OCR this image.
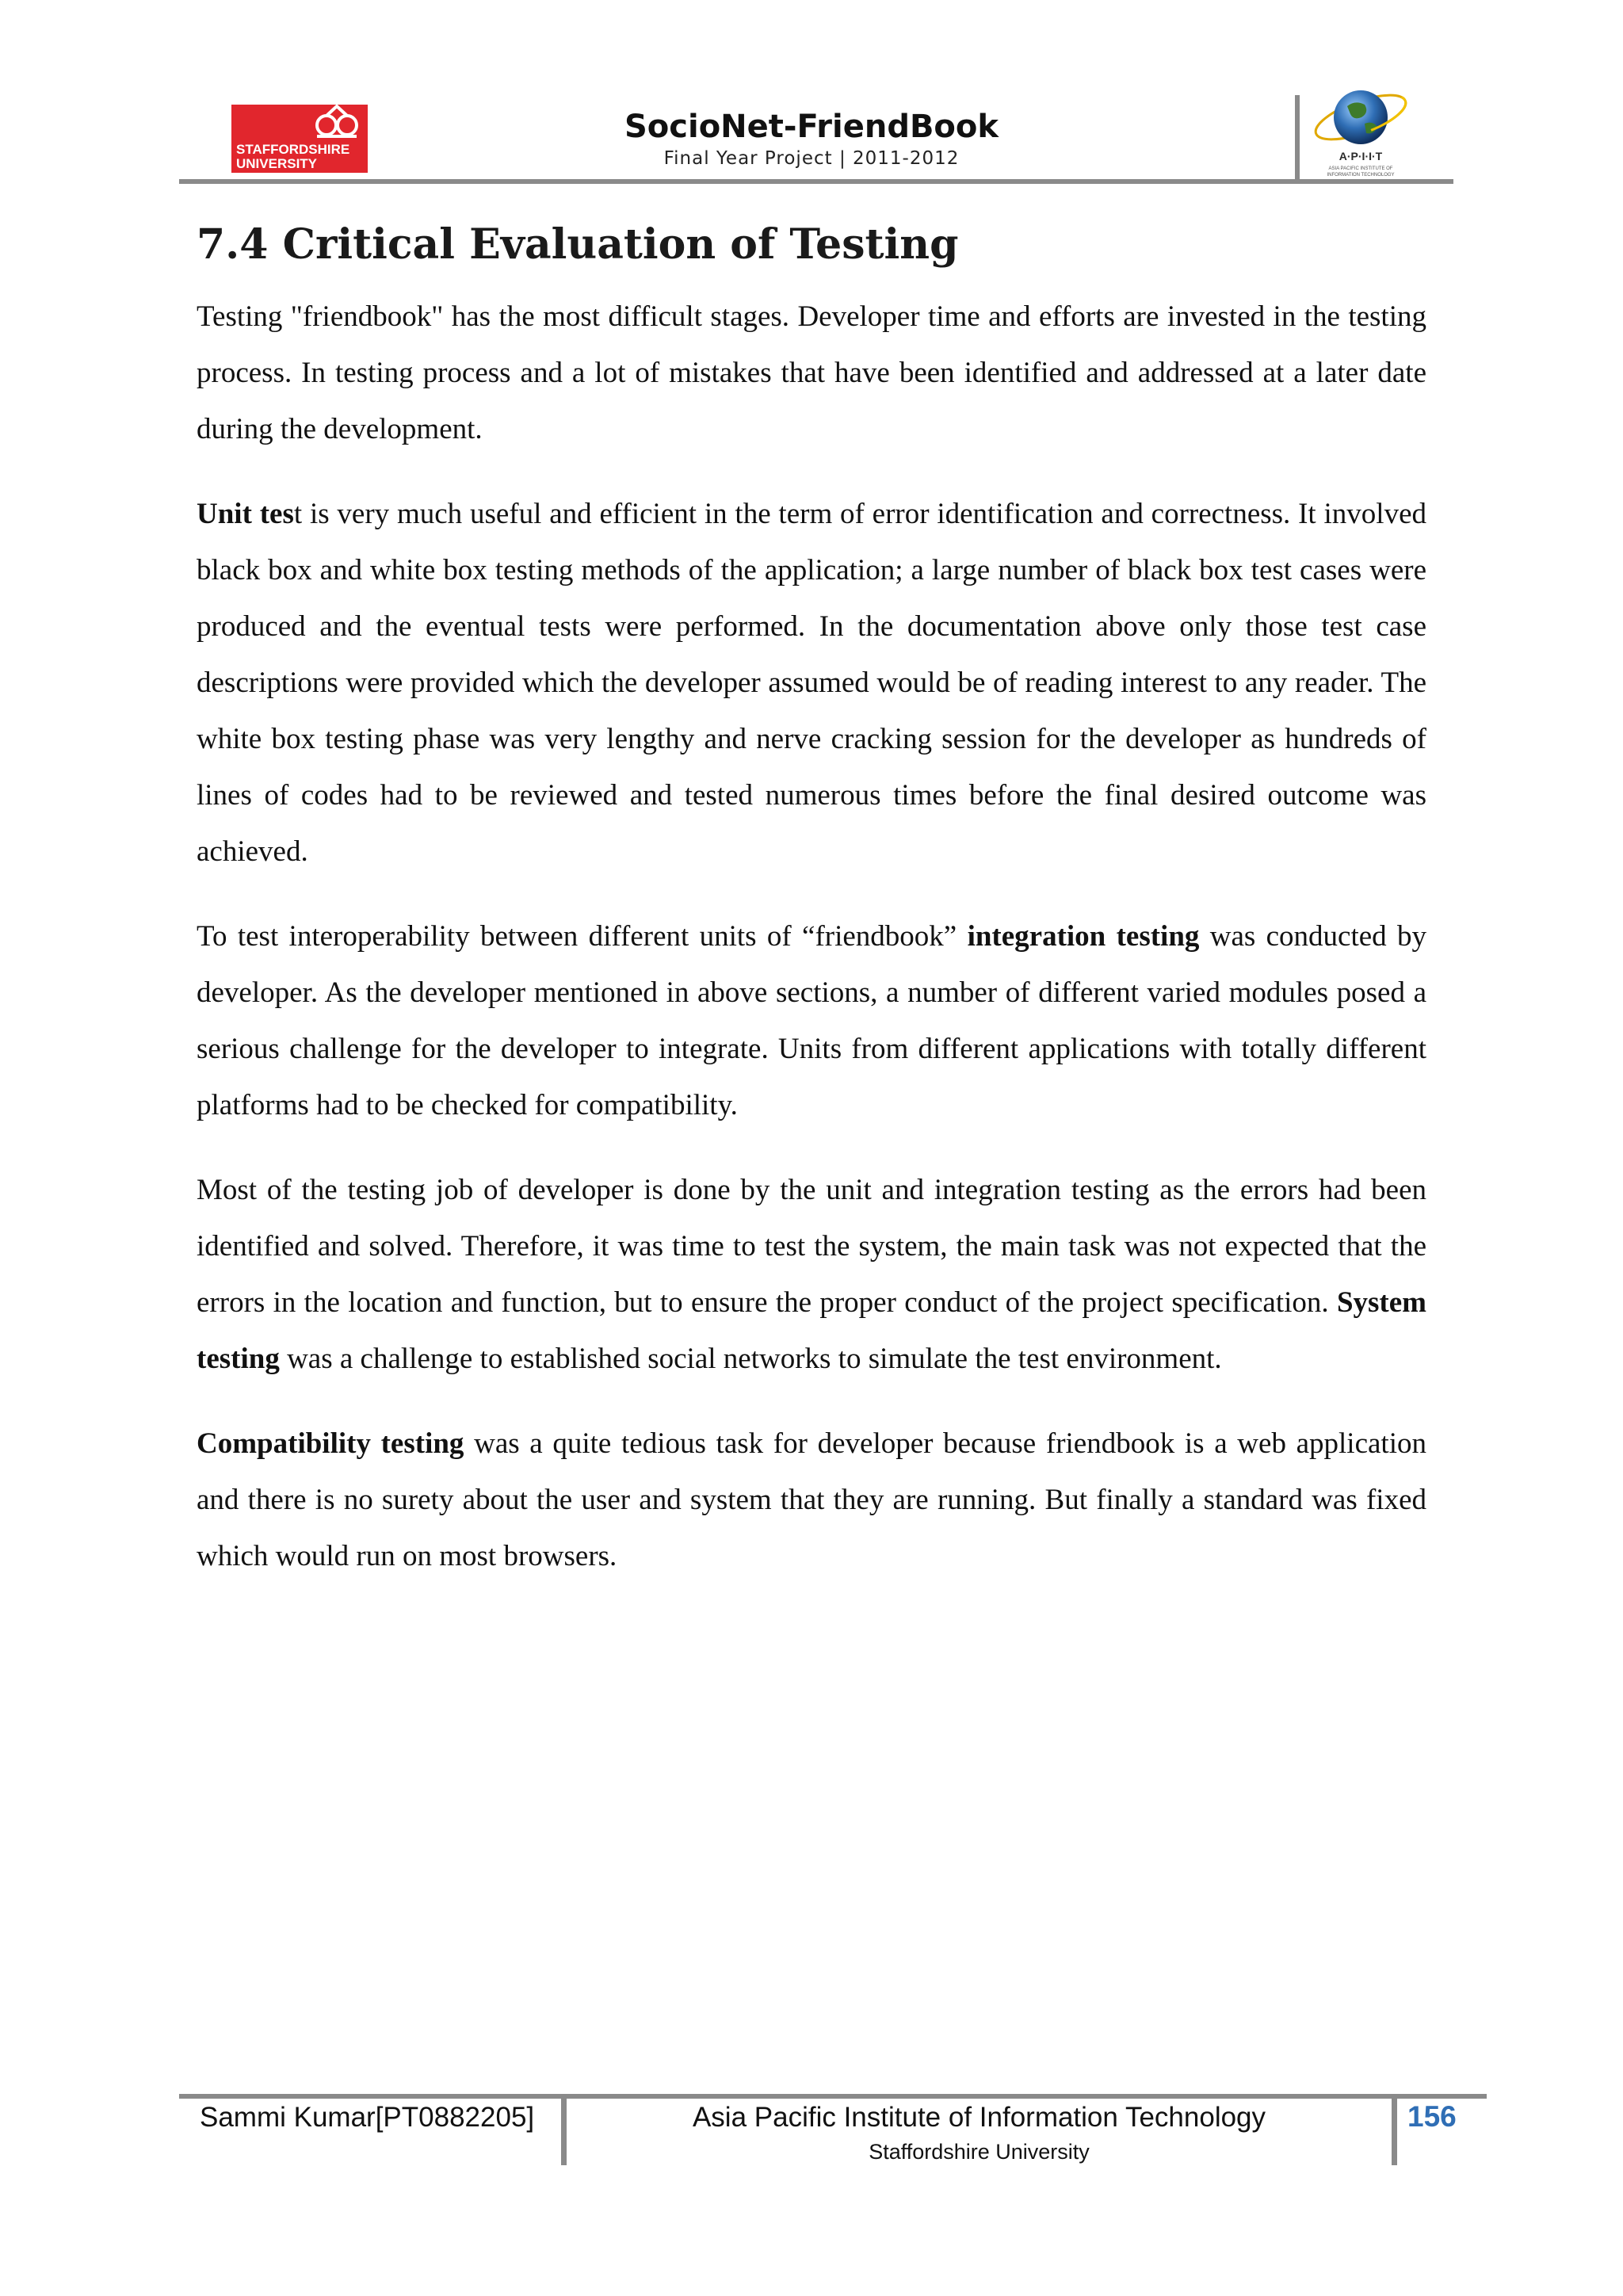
STAFFORDSHIRE
UNIVERSITY
SocioNet-FriendBook
Final Year Project | 2011-2012	A·P·I·I·T
ASIA PACIFIC INSTITUTE OF
INFORMATION TECHNOLOGY
7.4 Critical Evaluation of Testing

Testing "friendbook" has the most difficult stages. Developer time and efforts are invested in the testing process. In testing process and a lot of mistakes that have been identified and addressed at a later date during the development.

Unit test is very much useful and efficient in the term of error identification and correctness. It involved black box and white box testing methods of the application; a large number of black box test cases were produced and the eventual tests were performed. In the documentation above only those test case descriptions were provided which the developer assumed would be of reading interest to any reader. The white box testing phase was very lengthy and nerve cracking session for the developer as hundreds of lines of codes had to be reviewed and tested numerous times before the final desired outcome was achieved.

To test interoperability between different units of “friendbook” integration testing was conducted by developer. As the developer mentioned in above sections, a number of different varied modules posed a serious challenge for the developer to integrate. Units from different applications with totally different platforms had to be checked for compatibility.

Most of the testing job of developer is done by the unit and integration testing as the errors had been identified and solved. Therefore, it was time to test the system, the main task was not expected that the errors in the location and function, but to ensure the proper conduct of the project specification. System testing was a challenge to established social networks to simulate the test environment.

Compatibility testing was a quite tedious task for developer because friendbook is a web application and there is no surety about the user and system that they are running. But finally a standard was fixed which would run on most browsers.

Sammi Kumar[PT0882205]	Asia Pacific Institute of Information Technology
Staffordshire University
156
